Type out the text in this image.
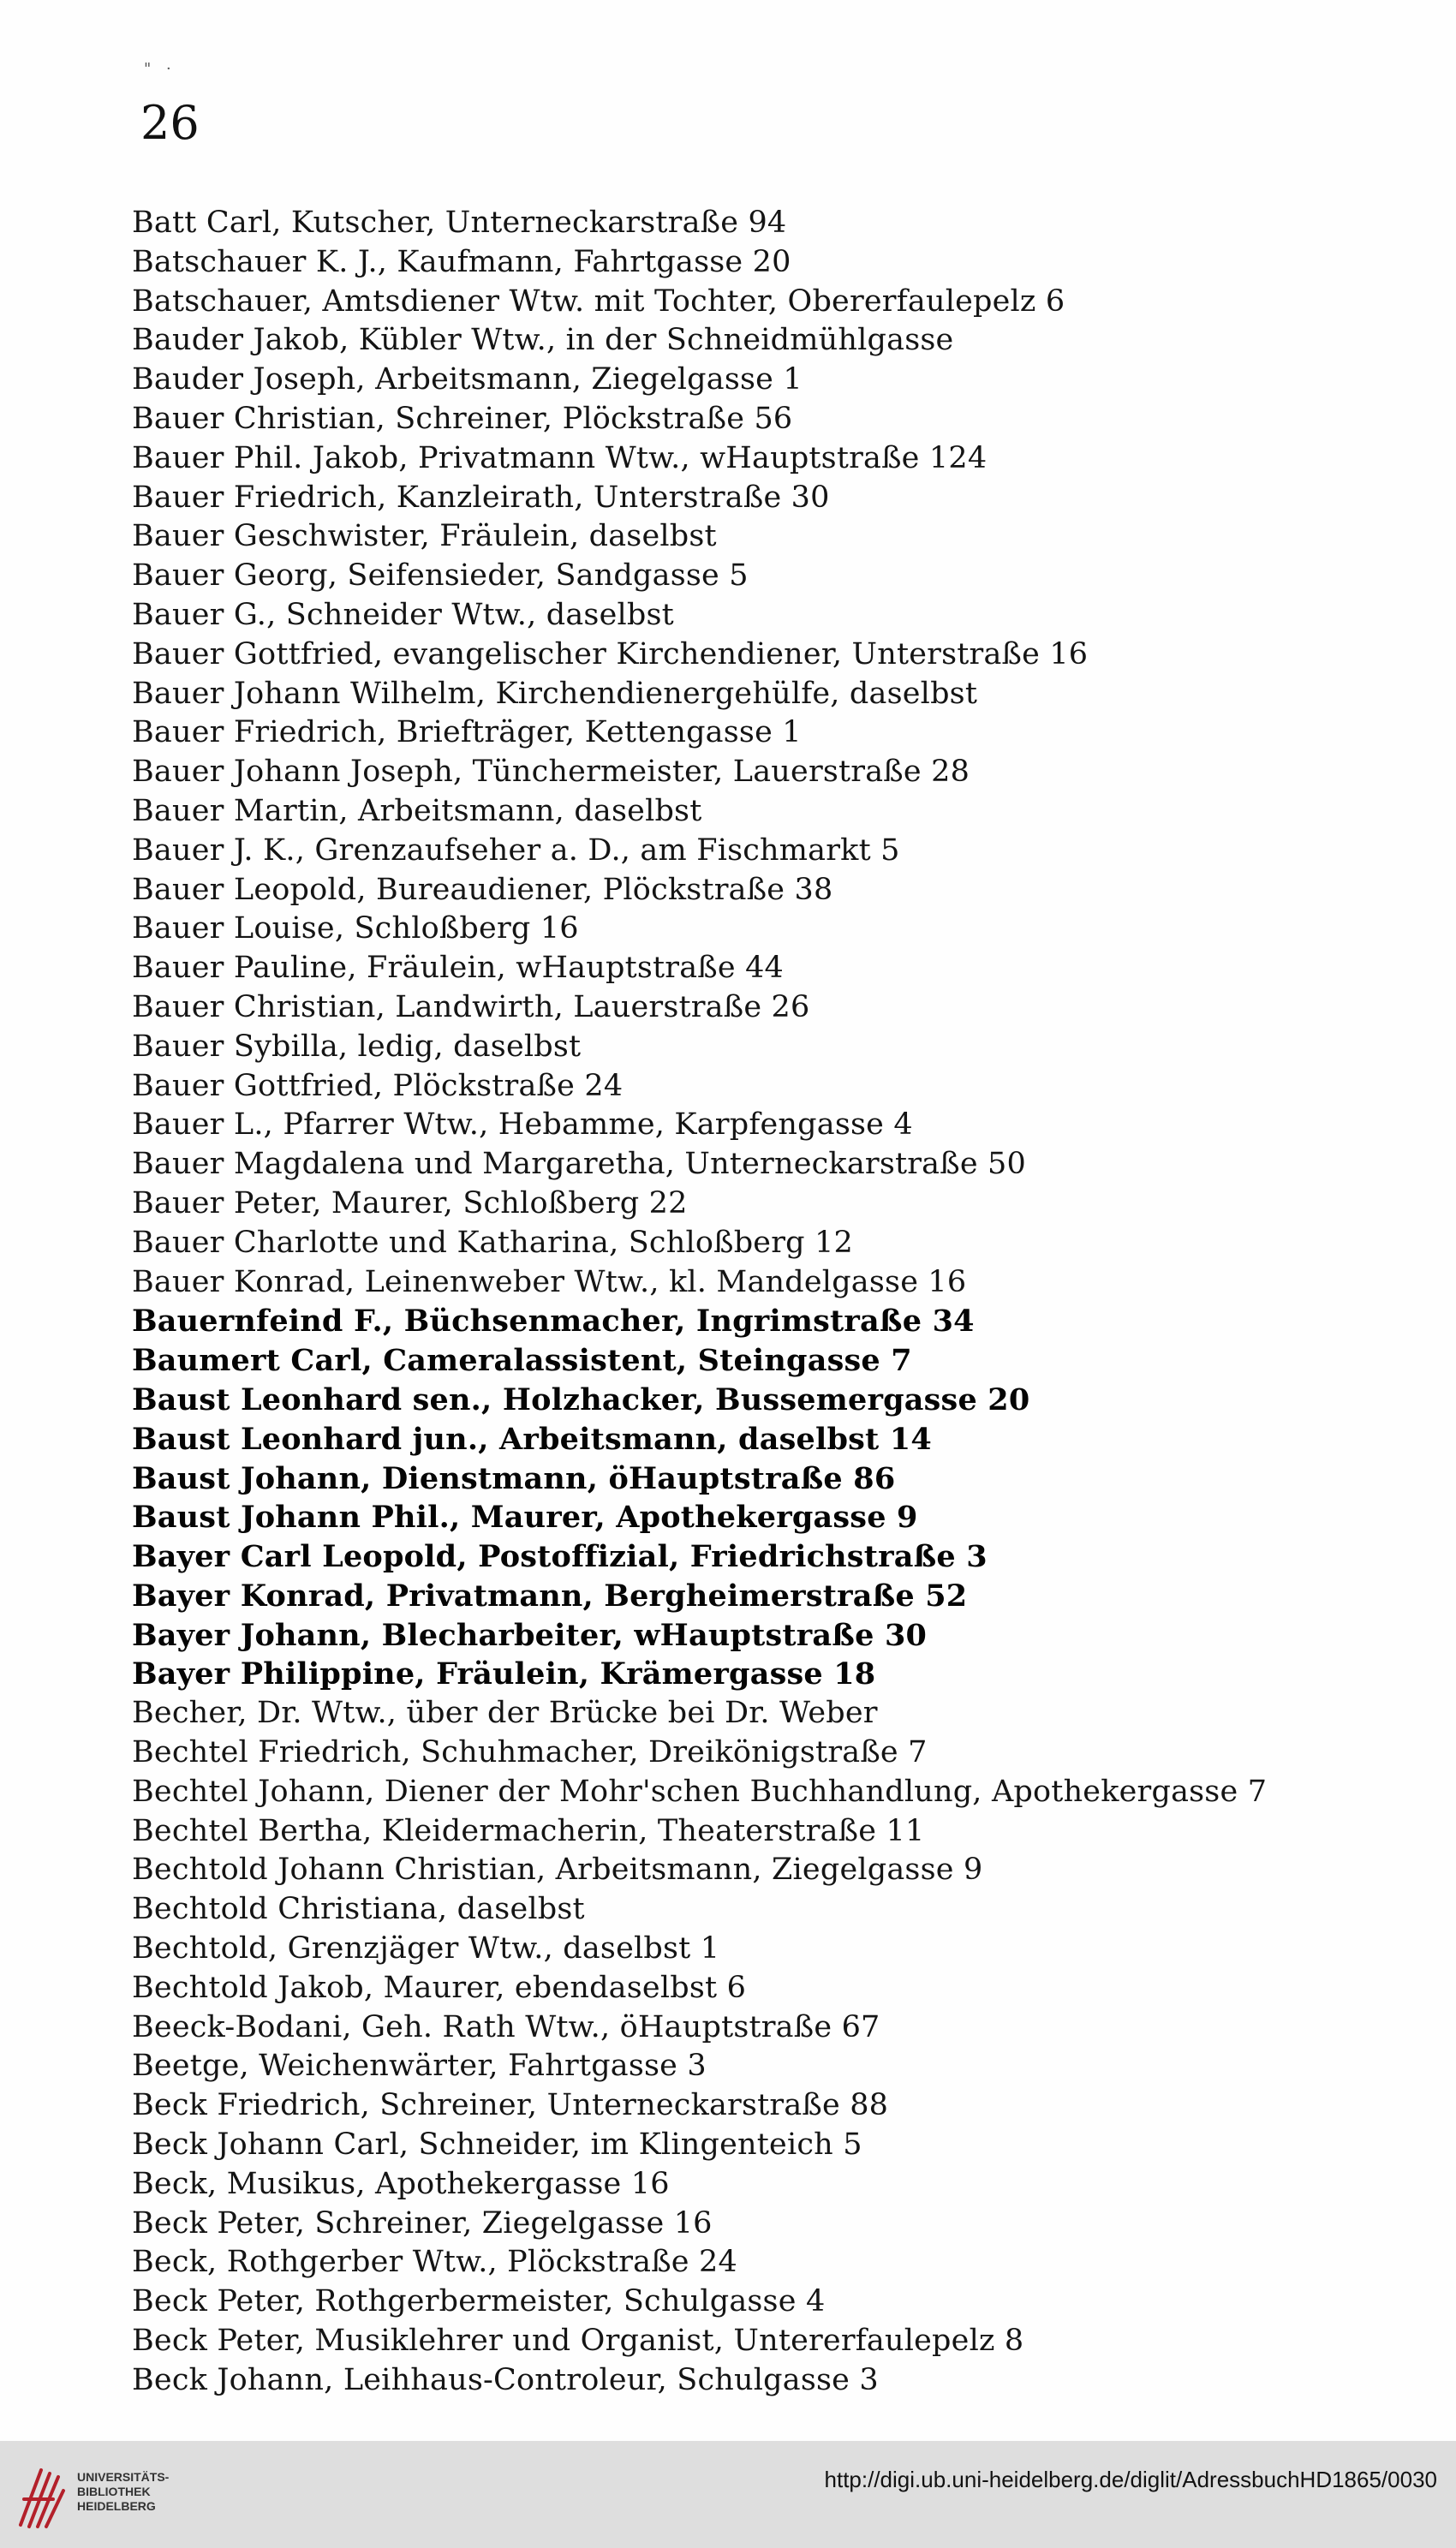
" ·
26
Batt Carl, Kutscher, Unterneckarstraße 94
Batschauer K. J., Kaufmann, Fahrtgasse 20
Batschauer, Amtsdiener Wtw. mit Tochter, Obererfaulepelz 6
Bauder Jakob, Kübler Wtw., in der Schneidmühlgasse
Bauder Joseph, Arbeitsmann, Ziegelgasse 1
Bauer Christian, Schreiner, Plöckstraße 56
Bauer Phil. Jakob, Privatmann Wtw., wHauptstraße 124
Bauer Friedrich, Kanzleirath, Unterstraße 30
Bauer Geschwister, Fräulein, daselbst
Bauer Georg, Seifensieder, Sandgasse 5
Bauer G., Schneider Wtw., daselbst
Bauer Gottfried, evangelischer Kirchendiener, Unterstraße 16
Bauer Johann Wilhelm, Kirchendienergehülfe, daselbst
Bauer Friedrich, Briefträger, Kettengasse 1
Bauer Johann Joseph, Tünchermeister, Lauerstraße 28
Bauer Martin, Arbeitsmann, daselbst
Bauer J. K., Grenzaufseher a. D., am Fischmarkt 5
Bauer Leopold, Bureaudiener, Plöckstraße 38
Bauer Louise, Schloßberg 16
Bauer Pauline, Fräulein, wHauptstraße 44
Bauer Christian, Landwirth, Lauerstraße 26
Bauer Sybilla, ledig, daselbst
Bauer Gottfried, Plöckstraße 24
Bauer L., Pfarrer Wtw., Hebamme, Karpfengasse 4
Bauer Magdalena und Margaretha, Unterneckarstraße 50
Bauer Peter, Maurer, Schloßberg 22
Bauer Charlotte und Katharina, Schloßberg 12
Bauer Konrad, Leinenweber Wtw., kl. Mandelgasse 16
Bauernfeind F., Büchsenmacher, Ingrimstraße 34
Baumert Carl, Cameralassistent, Steingasse 7
Baust Leonhard sen., Holzhacker, Bussemergasse 20
Baust Leonhard jun., Arbeitsmann, daselbst 14
Baust Johann, Dienstmann, öHauptstraße 86
Baust Johann Phil., Maurer, Apothekergasse 9
Bayer Carl Leopold, Postoffizial, Friedrichstraße 3
Bayer Konrad, Privatmann, Bergheimerstraße 52
Bayer Johann, Blecharbeiter, wHauptstraße 30
Bayer Philippine, Fräulein, Krämergasse 18
Becher, Dr. Wtw., über der Brücke bei Dr. Weber
Bechtel Friedrich, Schuhmacher, Dreikönigstraße 7
Bechtel Johann, Diener der Mohr'schen Buchhandlung, Apothekergasse 7
Bechtel Bertha, Kleidermacherin, Theaterstraße 11
Bechtold Johann Christian, Arbeitsmann, Ziegelgasse 9
Bechtold Christiana, daselbst
Bechtold, Grenzjäger Wtw., daselbst 1
Bechtold Jakob, Maurer, ebendaselbst 6
Beeck-Bodani, Geh. Rath Wtw., öHauptstraße 67
Beetge, Weichenwärter, Fahrtgasse 3
Beck Friedrich, Schreiner, Unterneckarstraße 88
Beck Johann Carl, Schneider, im Klingenteich 5
Beck, Musikus, Apothekergasse 16
Beck Peter, Schreiner, Ziegelgasse 16
Beck, Rothgerber Wtw., Plöckstraße 24
Beck Peter, Rothgerbermeister, Schulgasse 4
Beck Peter, Musiklehrer und Organist, Untererfaulepelz 8
Beck Johann, Leihhaus-Controleur, Schulgasse 3
UNIVERSITÄTS-
BIBLIOTHEK
HEIDELBERG
http://digi.ub.uni-heidelberg.de/diglit/AdressbuchHD1865/0030
